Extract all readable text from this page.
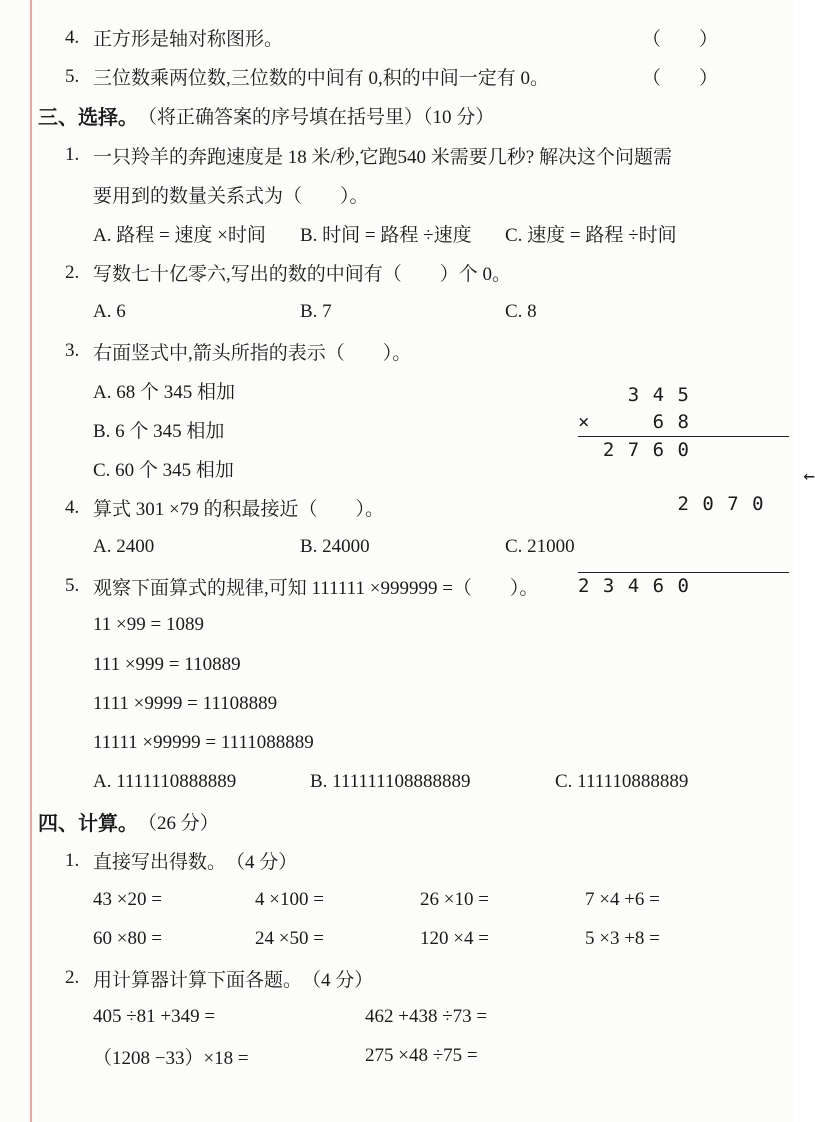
4. 正方形是轴对称图形。	（　　）
5. 三位数乘两位数,三位数的中间有 0,积的中间一定有 0。	（　　）
三、选择。 （将正确答案的序号填在括号里）（10 分）
1. 一只羚羊的奔跑速度是 18 米/秒,它跑540 米需要几秒? 解决这个问题需
要用到的数量关系式为（　　）。
A. 路程 = 速度 ×时间	B. 时间 = 路程 ÷速度	C. 速度 = 路程 ÷时间
2. 写数七十亿零六,写出的数的中间有（　　）个 0。
A. 6	B. 7	C. 8
3. 右面竖式中,箭头所指的表示（　　）。
A. 68 个 345 相加
B. 6 个 345 相加
C. 60 个 345 相加
4. 算式 301 ×79 的积最接近（　　）。
A. 2400	B. 24000	C. 21000
5. 观察下面算式的规律,可知 111111 ×999999 =（　　）。
11 ×99 = 1089
111 ×999 = 110889
1111 ×9999 = 11108889
11111 ×99999 = 1111088889
A. 1111110888889	B. 111111108888889	C. 111110888889
四、计算。 （26 分）
1. 直接写出得数。 （4 分）
43 ×20 =	4 ×100 =	26 ×10 =	7 ×4 +6 =
60 ×80 =	24 ×50 =	120 ×4 =	5 ×3 +8 =
2. 用计算器计算下面各题。 （4 分）
405 ÷81 +349 =	462 +438 ÷73 =
（1208 −33）×18 =	275 ×48 ÷75 =
3 4 5
×     6 8
2 7 6 0

2 0 7 0

←

2 3 4 6 0
